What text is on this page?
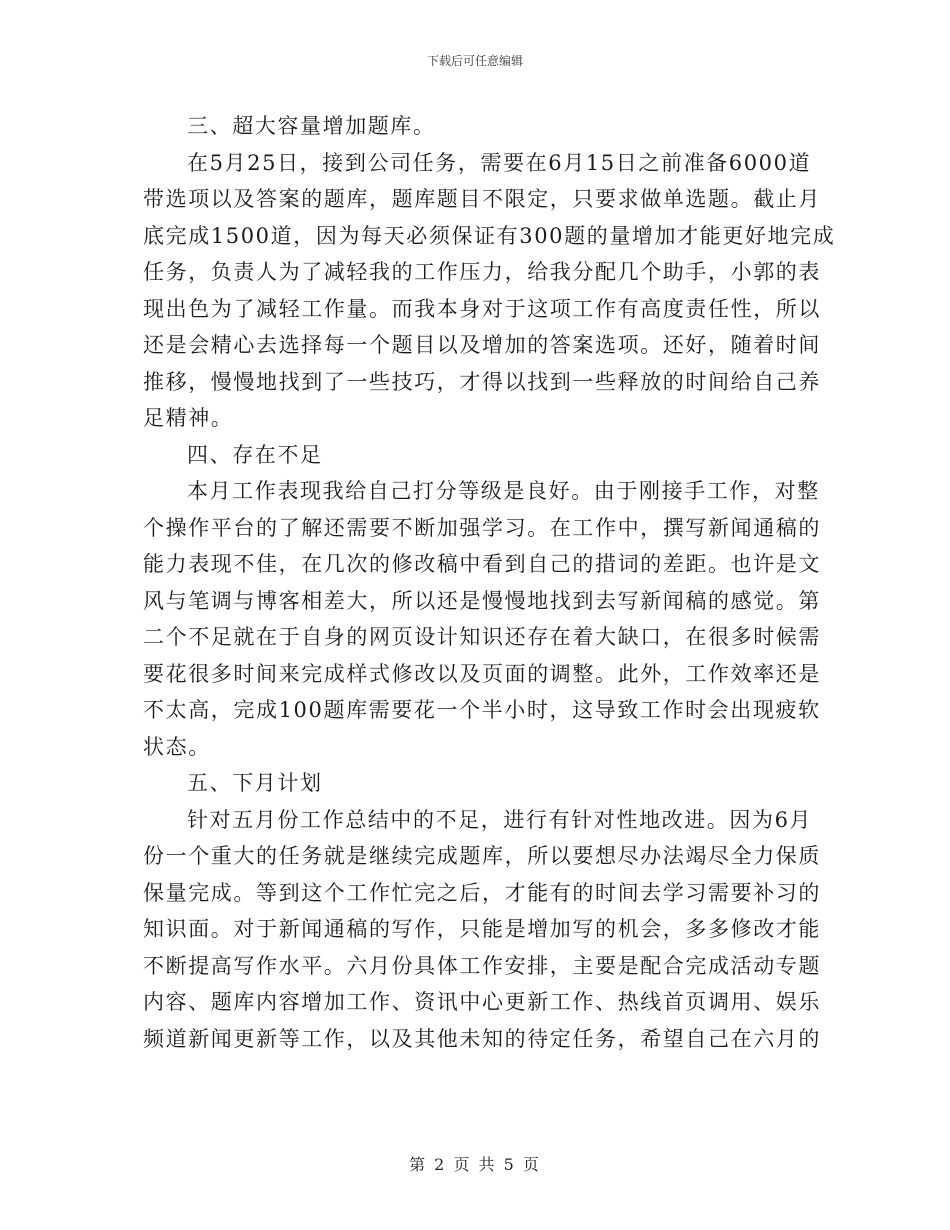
下载后可任意编辑
三、超大容量增加题库。
在5月25日，接到公司任务，需要在6月15日之前准备6000道
带选项以及答案的题库，题库题目不限定，只要求做单选题。截止月
底完成1500道，因为每天必须保证有300题的量增加才能更好地完成
任务，负责人为了减轻我的工作压力，给我分配几个助手，小郭的表
现出色为了减轻工作量。而我本身对于这项工作有高度责任性，所以
还是会精心去选择每一个题目以及增加的答案选项。还好，随着时间
推移，慢慢地找到了一些技巧，才得以找到一些释放的时间给自己养
足精神。
四、存在不足
本月工作表现我给自己打分等级是良好。由于刚接手工作，对整
个操作平台的了解还需要不断加强学习。在工作中，撰写新闻通稿的
能力表现不佳，在几次的修改稿中看到自己的措词的差距。也许是文
风与笔调与博客相差大，所以还是慢慢地找到去写新闻稿的感觉。第
二个不足就在于自身的网页设计知识还存在着大缺口，在很多时候需
要花很多时间来完成样式修改以及页面的调整。此外，工作效率还是
不太高，完成100题库需要花一个半小时，这导致工作时会出现疲软
状态。
五、下月计划
针对五月份工作总结中的不足，进行有针对性地改进。因为6月
份一个重大的任务就是继续完成题库，所以要想尽办法竭尽全力保质
保量完成。等到这个工作忙完之后，才能有的时间去学习需要补习的
知识面。对于新闻通稿的写作，只能是增加写的机会，多多修改才能
不断提高写作水平。六月份具体工作安排，主要是配合完成活动专题
内容、题库内容增加工作、资讯中心更新工作、热线首页调用、娱乐
频道新闻更新等工作，以及其他未知的待定任务，希望自己在六月的
第 2 页 共 5 页
